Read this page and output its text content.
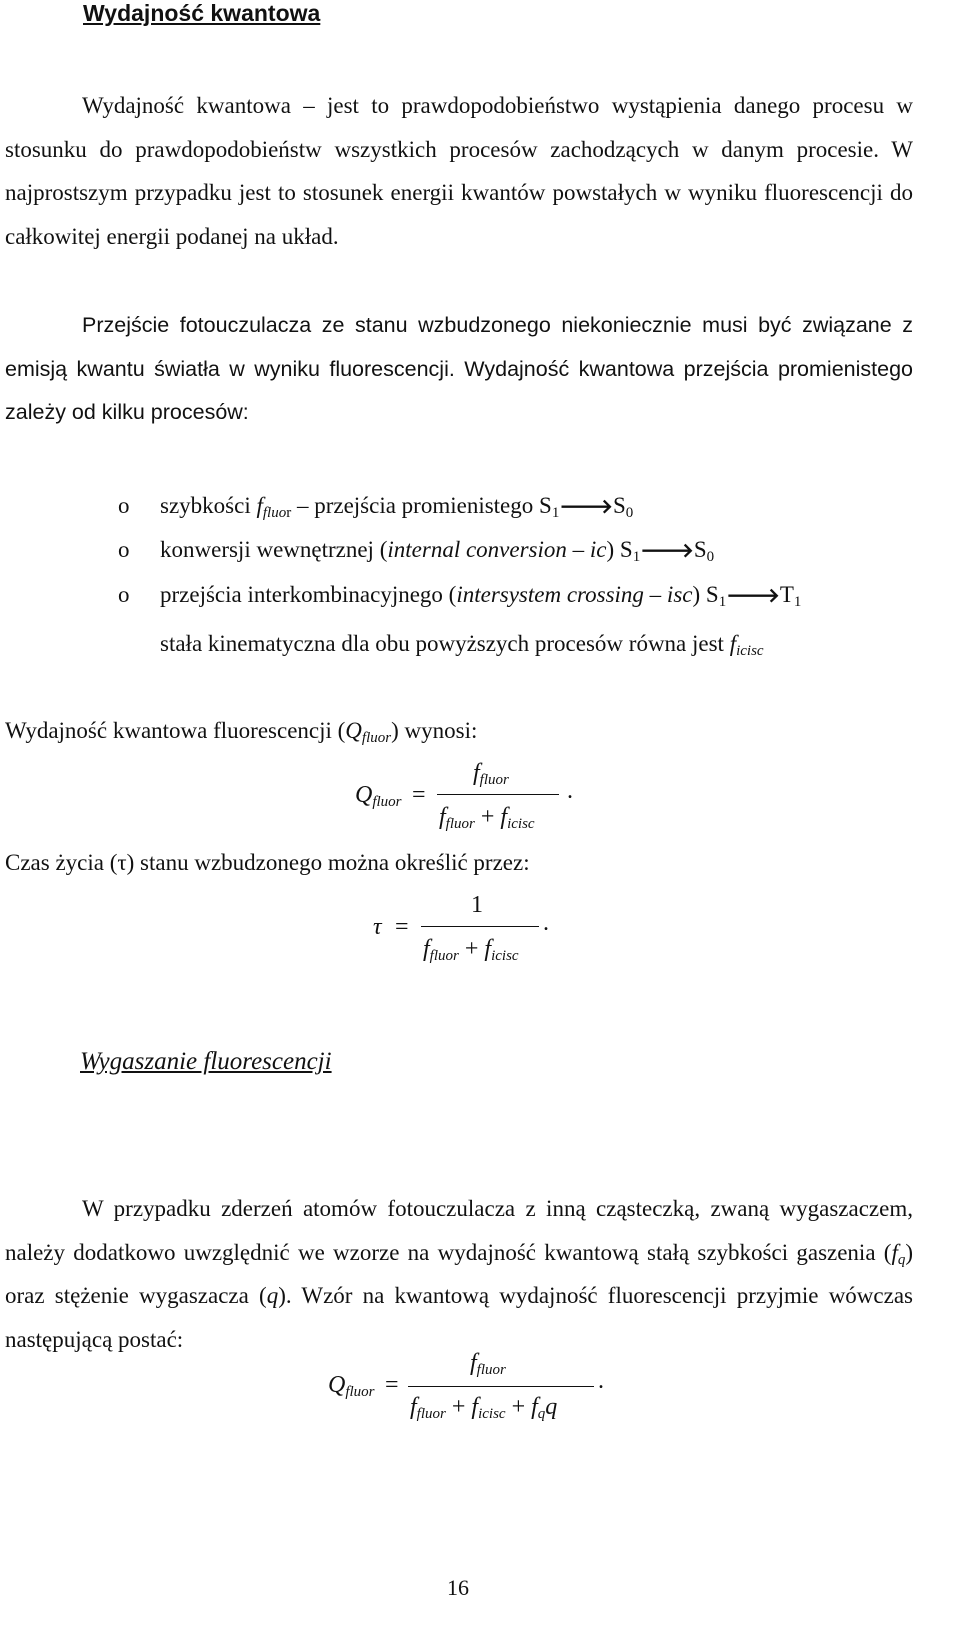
Wydajność kwantowa
Wydajność kwantowa – jest to prawdopodobieństwo wystąpienia danego procesu w stosunku do prawdopodobieństw wszystkich procesów zachodzących w danym procesie. W najprostszym przypadku jest to stosunek energii kwantów powstałych w wyniku fluorescencji do całkowitej energii podanej na układ.
Przejście fotouczulacza ze stanu wzbudzonego niekoniecznie musi być związane z emisją kwantu światła w wyniku fluorescencji. Wydajność kwantowa przejścia promienistego zależy od kilku procesów:
o szybkości $f_{fluor}$ – przejścia promienistego $S_1🡒S_0$
o konwersji wewnętrznej (internal conversion – ic) $S_1🡒S_0$
o przejścia interkombinacyjnego (intersystem crossing – isc) $S_1🡒T_1$
stała kinematyczna dla obu powyższych procesów równa jest $f_{icisc}$
Wydajność kwantowa fluorescencji $(Q_{fluor})$ wynosi:
$Q_{fluor}$ =
$f_{fluor}$
$f_{fluor} + f_{icisc}$
.
Czas życia (τ) stanu wzbudzonego można określić przez:
τ =
1
$f_{fluor} + f_{icisc}$
.
Wygaszanie fluorescencji
W przypadku zderzeń atomów fotouczulacza z inną cząsteczką, zwaną wygaszaczem, należy dodatkowo uwzględnić we wzorze na wydajność kwantową stałą szybkości gaszenia $(f_q)$ oraz stężenie wygaszacza (q). Wzór na kwantową wydajność fluorescencji przyjmie wówczas następującą postać:
$Q_{fluor}$ =
$f_{fluor}$
$f_{fluor} + f_{icisc} + f_qq$
.
16
